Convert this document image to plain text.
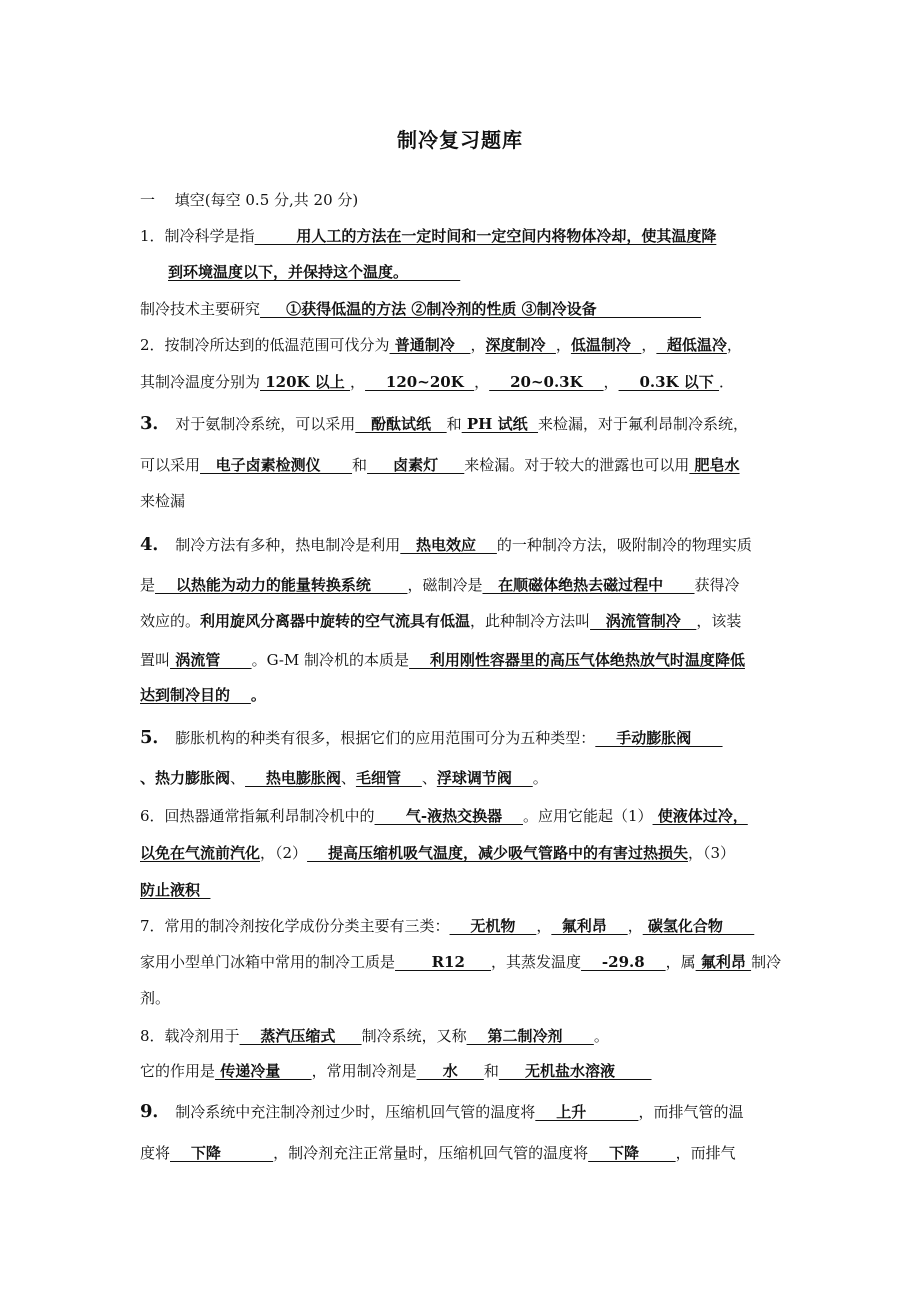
制冷复习题库
一　 填空(每空 0.5 分,共 20 分)
1．制冷科学是指        用人工的方法在一定时间和一定空间内将物体冷却，使其温度降
到环境温度以下，并保持这个温度。
制冷技术主要研究     ①获得低温的方法 ②制冷剂的性质 ③制冷设备
2．按制冷所达到的低温范围可伐分为 普通制冷   ，深度制冷  ，低温制冷  ，  超低温冷，
其制冷温度分别为 120K 以上 ，    120~20K  ，    20~0.3K    ，    0.3K 以下 ．
3． 对于氨制冷系统，可以采用   酚酞试纸   和 PH 试纸  来检漏，对于氟利昂制冷系统，
可以采用   电子卤素检测仪      和     卤素灯     来检漏。对于较大的泄露也可以用 肥皂水
来检漏
4． 制冷方法有多种，热电制冷是利用   热电效应    的一种制冷方法，吸附制冷的物理实质
是    以热能为动力的能量转换系统       ，磁制冷是   在顺磁体绝热去磁过程中      获得冷
效应的。利用旋风分离器中旋转的空气流具有低温，此种制冷方法叫   涡流管制冷   ，该装
置叫 涡流管      。G-M 制冷机的本质是    利用刚性容器里的高压气体绝热放气时温度降低
达到制冷目的    。
5． 膨胀机构的种类有很多，根据它们的应用范围可分为五种类型：    手动膨胀阀
、热力膨胀阀、    热电膨胀阀、毛细管    、浮球调节阀    。
6．回热器通常指氟利昂制冷机中的      气-液热交换器    。应用它能起（1） 使液体过冷，
以免在气流前汽化，（2）    提高压缩机吸气温度，减少吸气管路中的有害过热损失，（3）
防止液积
7．常用的制冷剂按化学成份分类主要有三类：    无机物    ，  氟利昂    ， 碳氢化合物
家用小型单门冰箱中常用的制冷工质是       R12     ，其蒸发温度    -29.8    ，属 氟利昂 制冷
剂。
8．载冷剂用于    蒸汽压缩式     制冷系统，又称    第二制冷剂      。
它的作用是 传递冷量      ，常用制冷剂是     水     和     无机盐水溶液
9． 制冷系统中充注制冷剂过少时，压缩机回气管的温度将    上升          ，而排气管的温
度将    下降          ，制冷剂充注正常量时，压缩机回气管的温度将    下降       ，而排气
